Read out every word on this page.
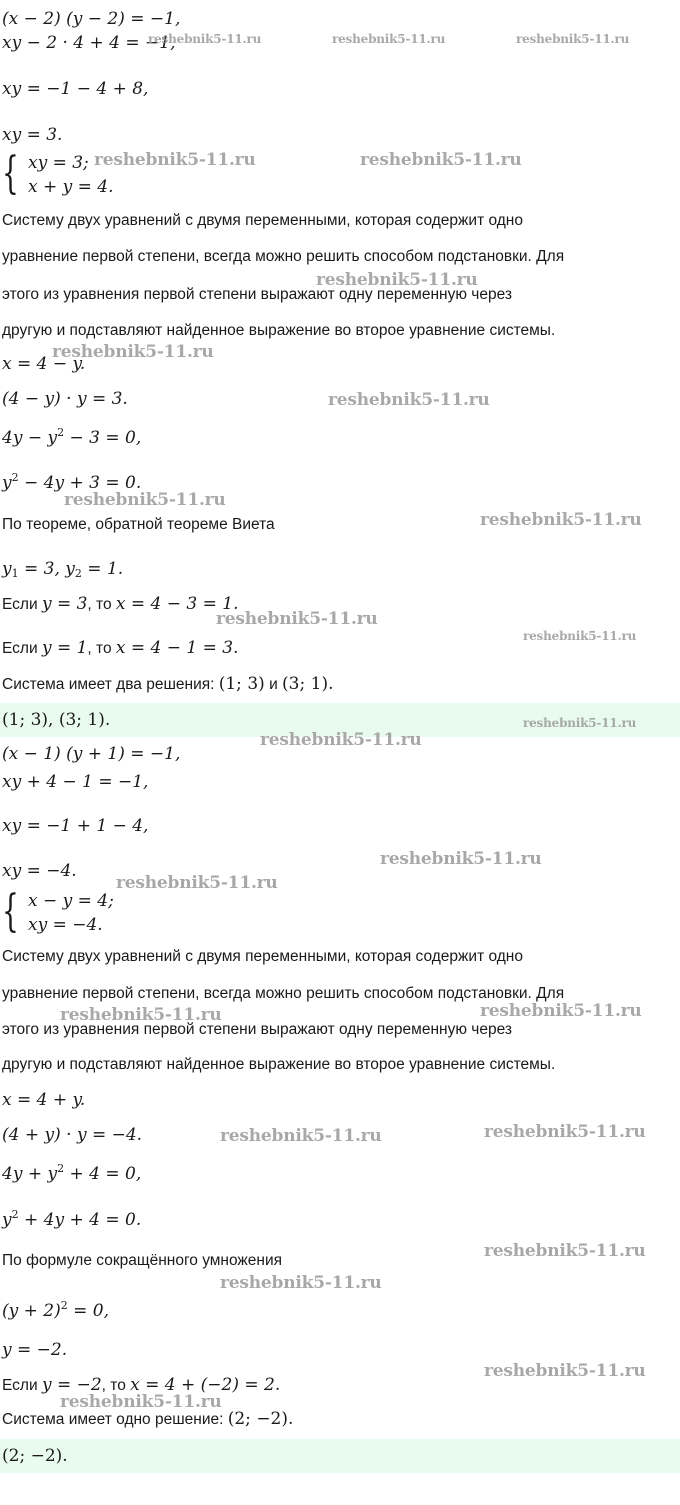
(x − 2) (y − 2) = −1,
xy − 2 · 4 + 4 = −1,
xy = −1 − 4 + 8,
xy = 3.
{ xy = 3;
x + y = 4.
Систему двух уравнений с двумя переменными, которая содержит одно
уравнение первой степени, всегда можно решить способом подстановки. Для
этого из уравнения первой степени выражают одну переменную через
другую и подставляют найденное выражение во второе уравнение системы.
x = 4 − y.
(4 − y) · y = 3.
$4y - y^2 - 3 = 0$,
$y^2 - 4y + 3 = 0$.
По теореме, обратной теореме Виета
$y_1 = 3$, $y_2 = 1$.
Если y = 3, то x = 4 − 3 = 1.
Если y = 1, то x = 4 − 1 = 3.
Система имеет два решения: (1; 3) и (3; 1).
(1; 3), (3; 1).
(x − 1) (y + 1) = −1,
xy + 4 − 1 = −1,
xy = −1 + 1 − 4,
xy = −4.
{ x − y = 4;
xy = −4.
Систему двух уравнений с двумя переменными, которая содержит одно
уравнение первой степени, всегда можно решить способом подстановки. Для
этого из уравнения первой степени выражают одну переменную через
другую и подставляют найденное выражение во второе уравнение системы.
x = 4 + y.
(4 + y) · y = −4.
$4y + y^2 + 4 = 0$,
$y^2 + 4y + 4 = 0$.
По формуле сокращённого умножения
$(y + 2)^2 = 0$,
y = −2.
Если y = −2, то x = 4 + (−2) = 2.
Система имеет одно решение: (2; −2).
(2; −2).
reshebnik5-11.ru	reshebnik5-11.ru	reshebnik5-11.ru
reshebnik5-11.ru	reshebnik5-11.ru
reshebnik5-11.ru
reshebnik5-11.ru
reshebnik5-11.ru
reshebnik5-11.ru
reshebnik5-11.ru
reshebnik5-11.ru
reshebnik5-11.ru
reshebnik5-11.ru
reshebnik5-11.ru
reshebnik5-11.ru
reshebnik5-11.ru
reshebnik5-11.ru	reshebnik5-11.ru
reshebnik5-11.ru	reshebnik5-11.ru
reshebnik5-11.ru
reshebnik5-11.ru
reshebnik5-11.ru
reshebnik5-11.ru
